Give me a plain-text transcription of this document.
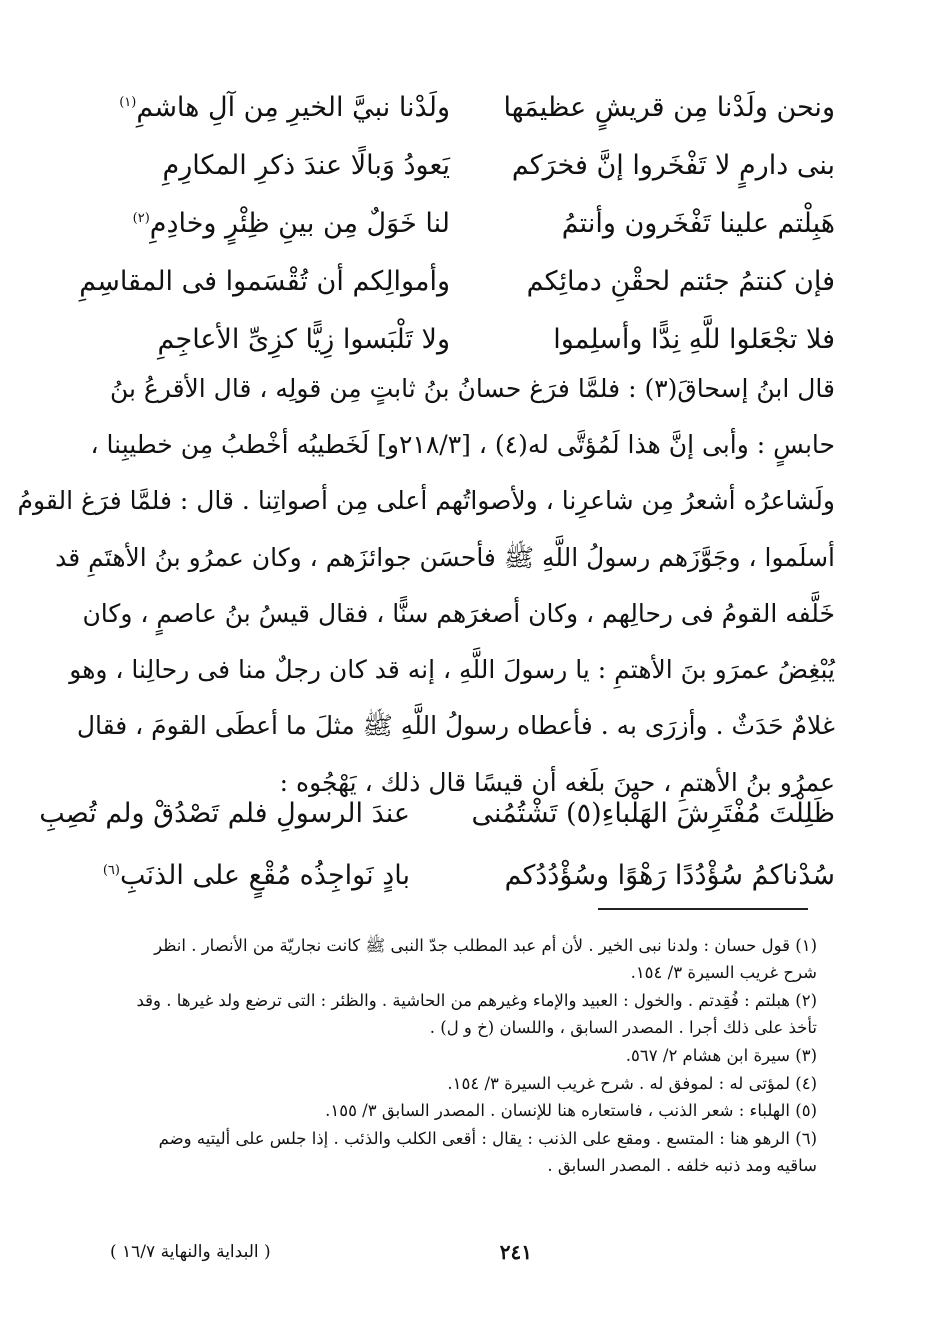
ونحن ولَدْنا مِن قريشٍ عظيمَها
ولَدْنا نبيَّ الخيرِ مِن آلِ هاشمِ$^{(١)}$
بنى دارمٍ لا تَفْخَروا إنَّ فخرَكم
يَعودُ وَبالًا عندَ ذكرِ المكارِمِ
هَبِلْتم علينا تَفْخَرون وأنتمُ
لنا خَوَلٌ مِن بينِ ظِئْرٍ وخادِمِ$^{(٢)}$
فإن كنتمُ جئتم لحقْنِ دمائِكم
وأموالِكم أن تُقْسَموا فى المقاسِمِ
فلا تجْعَلوا للَّهِ نِدًّا وأسلِموا
ولا تَلْبَسوا زِيًّا كزِىِّ الأعاجِمِ
قال ابنُ إسحاقَ(٣) : فلمَّا فرَغ حسانُ بنُ ثابتٍ مِن قولِه ، قال الأقرعُ بنُ
حابسٍ : وأبى إنَّ هذا لَمُؤتَّى له(٤) ، [٢١٨/٣و] لَخَطيبُه أخْطبُ مِن خطيبِنا ،
ولَشاعرُه أشعرُ مِن شاعرِنا ، ولأصواتُهم أعلى مِن أصواتِنا . قال : فلمَّا فرَغ القومُ
أسلَموا ، وجَوَّزَهم رسولُ اللَّهِ ﷺ فأحسَن جوائزَهم ، وكان عمرُو بنُ الأهتَمِ قد
خَلَّفه القومُ فى رحالِهم ، وكان أصغرَهم سنًّا ، فقال قيسُ بنُ عاصمٍ ، وكان
يُبْغِضُ عمرَو بنَ الأهتمِ : يا رسولَ اللَّهِ ، إنه قد كان رجلٌ منا فى رحالِنا ، وهو
غلامٌ حَدَثٌ . وأزرَى به . فأعطاه رسولُ اللَّهِ ﷺ مثلَ ما أعطَى القومَ ، فقال
عمرُو بنُ الأهتمِ ، حينَ بلَغه أن قيسًا قال ذلك ، يَهْجُوه :
ظَلِلْتَ مُفْتَرِشَ الهَلْباءِ(٥) تَشْتُمُنى
عندَ الرسولِ فلم تَصْدُقْ ولم تُصِبِ
سُدْناكمُ سُؤْدُدًا رَهْوًا وسُؤْدُدُكم
بادٍ نَواجِذُه مُقْعٍ على الذنَبِ$^{(٦)}$
(١) قول حسان : ولدنا نبى الخير . لأن أم عبد المطلب جدّ النبى ﷺ كانت نجاريّة من الأنصار . انظر
شرح غريب السيرة ٣/ ١٥٤.
(٢) هبلتم : فُقِدتم . والخول : العبيد والإماء وغيرهم من الحاشية . والظئر : التى ترضع ولد غيرها . وقد
تأخذ على ذلك أجرا . المصدر السابق ، واللسان (خ و ل) .
(٣) سيرة ابن هشام ٢/ ٥٦٧.
(٤) لمؤتى له : لموفق له . شرح غريب السيرة ٣/ ١٥٤.
(٥) الهلباء : شعر الذنب ، فاستعاره هنا للإنسان . المصدر السابق ٣/ ١٥٥.
(٦) الرهو هنا : المتسع . ومقع على الذنب : يقال : أقعى الكلب والذئب . إذا جلس على أليتيه وضم
ساقيه ومد ذنبه خلفه . المصدر السابق .
٢٤١
( البداية والنهاية ١٦/٧ )
